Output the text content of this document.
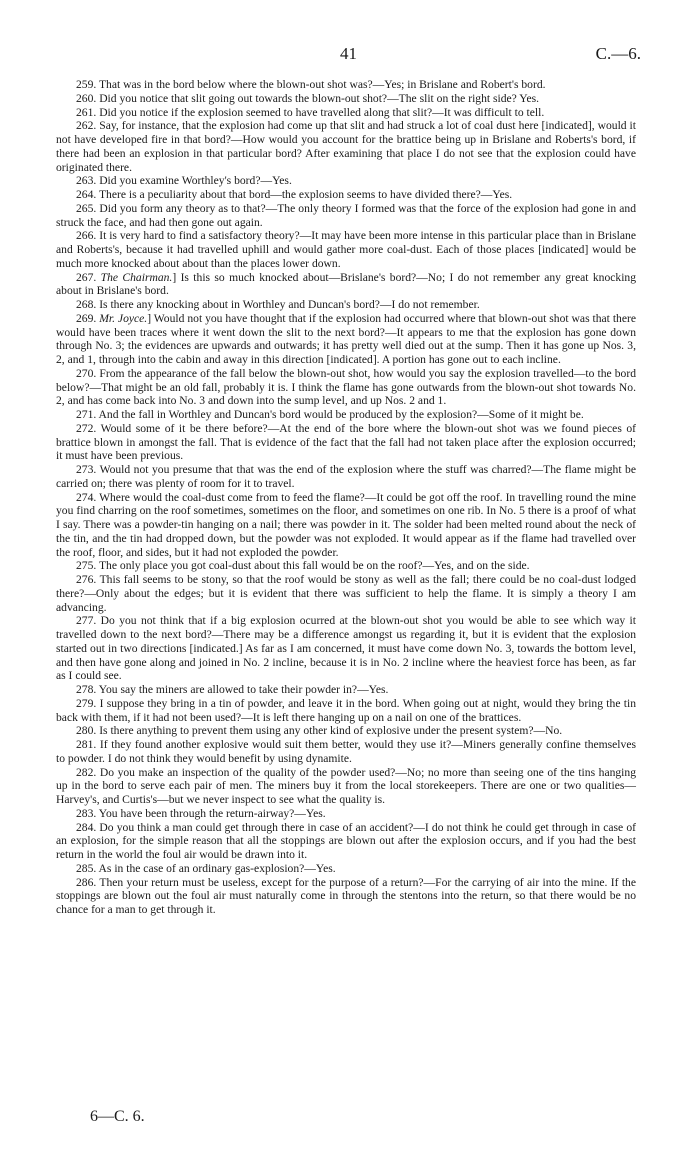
41	C.—6.

259. That was in the bord below where the blown-out shot was?—Yes; in Brislane and Robert's bord.

260. Did you notice that slit going out towards the blown-out shot?—The slit on the right side? Yes.

261. Did you notice if the explosion seemed to have travelled along that slit?—It was difficult to tell.

262. Say, for instance, that the explosion had come up that slit and had struck a lot of coal dust here [indicated], would it not have developed fire in that bord?—How would you account for the brattice being up in Brislane and Roberts's bord, if there had been an explosion in that particular bord? After examining that place I do not see that the explosion could have originated there.

263. Did you examine Worthley's bord?—Yes.

264. There is a peculiarity about that bord—the explosion seems to have divided there?—Yes.

265. Did you form any theory as to that?—The only theory I formed was that the force of the explosion had gone in and struck the face, and had then gone out again.

266. It is very hard to find a satisfactory theory?—It may have been more intense in this particular place than in Brislane and Roberts's, because it had travelled uphill and would gather more coal-dust. Each of those places [indicated] would be much more knocked about about than the places lower down.

267. The Chairman.] Is this so much knocked about—Brislane's bord?—No; I do not remember any great knocking about in Brislane's bord.

268. Is there any knocking about in Worthley and Duncan's bord?—I do not remember.

269. Mr. Joyce.] Would not you have thought that if the explosion had occurred where that blown-out shot was that there would have been traces where it went down the slit to the next bord?—It appears to me that the explosion has gone down through No. 3; the evidences are upwards and outwards; it has pretty well died out at the sump. Then it has gone up Nos. 3, 2, and 1, through into the cabin and away in this direction [indicated]. A portion has gone out to each incline.

270. From the appearance of the fall below the blown-out shot, how would you say the explosion travelled—to the bord below?—That might be an old fall, probably it is. I think the flame has gone outwards from the blown-out shot towards No. 2, and has come back into No. 3 and down into the sump level, and up Nos. 2 and 1.

271. And the fall in Worthley and Duncan's bord would be produced by the explosion?—Some of it might be.

272. Would some of it be there before?—At the end of the bore where the blown-out shot was we found pieces of brattice blown in amongst the fall. That is evidence of the fact that the fall had not taken place after the explosion occurred; it must have been previous.

273. Would not you presume that that was the end of the explosion where the stuff was charred?—The flame might be carried on; there was plenty of room for it to travel.

274. Where would the coal-dust come from to feed the flame?—It could be got off the roof. In travelling round the mine you find charring on the roof sometimes, sometimes on the floor, and sometimes on one rib. In No. 5 there is a proof of what I say. There was a powder-tin hanging on a nail; there was powder in it. The solder had been melted round about the neck of the tin, and the tin had dropped down, but the powder was not exploded. It would appear as if the flame had travelled over the roof, floor, and sides, but it had not exploded the powder.

275. The only place you got coal-dust about this fall would be on the roof?—Yes, and on the side.

276. This fall seems to be stony, so that the roof would be stony as well as the fall; there could be no coal-dust lodged there?—Only about the edges; but it is evident that there was sufficient to help the flame. It is simply a theory I am advancing.

277. Do you not think that if a big explosion ocurred at the blown-out shot you would be able to see which way it travelled down to the next bord?—There may be a difference amongst us regarding it, but it is evident that the explosion started out in two directions [indicated.] As far as I am concerned, it must have come down No. 3, towards the bottom level, and then have gone along and joined in No. 2 incline, because it is in No. 2 incline where the heaviest force has been, as far as I could see.

278. You say the miners are allowed to take their powder in?—Yes.

279. I suppose they bring in a tin of powder, and leave it in the bord. When going out at night, would they bring the tin back with them, if it had not been used?—It is left there hanging up on a nail on one of the brattices.

280. Is there anything to prevent them using any other kind of explosive under the present system?—No.

281. If they found another explosive would suit them better, would they use it?—Miners generally confine themselves to powder. I do not think they would benefit by using dynamite.

282. Do you make an inspection of the quality of the powder used?—No; no more than seeing one of the tins hanging up in the bord to serve each pair of men. The miners buy it from the local storekeepers. There are one or two qualities—Harvey's, and Curtis's—but we never inspect to see what the quality is.

283. You have been through the return-airway?—Yes.

284. Do you think a man could get through there in case of an accident?—I do not think he could get through in case of an explosion, for the simple reason that all the stoppings are blown out after the explosion occurs, and if you had the best return in the world the foul air would be drawn into it.

285. As in the case of an ordinary gas-explosion?—Yes.

286. Then your return must be useless, except for the purpose of a return?—For the carrying of air into the mine. If the stoppings are blown out the foul air must naturally come in through the stentons into the return, so that there would be no chance for a man to get through it.

6—C. 6.
